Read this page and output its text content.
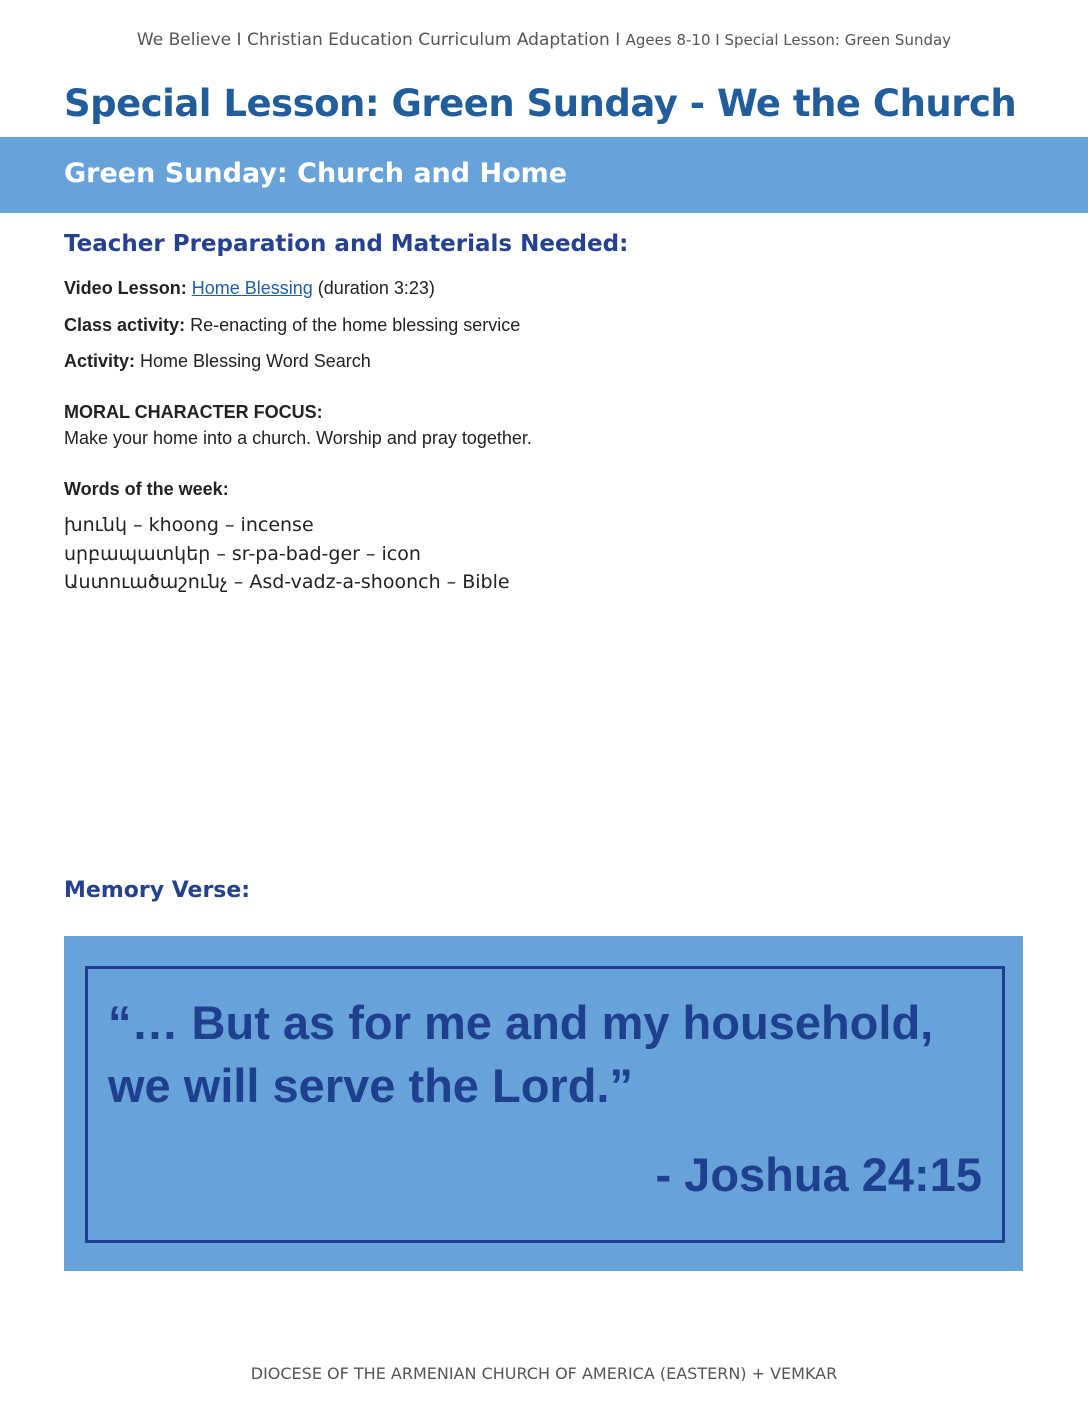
We Believe I Christian Education Curriculum Adaptation I Agees 8-10 I Special Lesson: Green Sunday
Special Lesson: Green Sunday - We the Church
Green Sunday: Church and Home
Teacher Preparation and Materials Needed:
Video Lesson: Home Blessing (duration 3:23)
Class activity: Re-enacting of the home blessing service
Activity: Home Blessing Word Search
MORAL CHARACTER FOCUS:
Make your home into a church. Worship and pray together.
Words of the week:
խունկ – khoong – incense
սրբապատկեր – sr-pa-bad-ger – icon
Աստուածաշունչ – Asd-vadz-a-shoonch – Bible
Memory Verse:
“… But as for me and my household,
we will serve the Lord.”
- Joshua 24:15
DIOCESE OF THE ARMENIAN CHURCH OF AMERICA (EASTERN) + VEMKAR
